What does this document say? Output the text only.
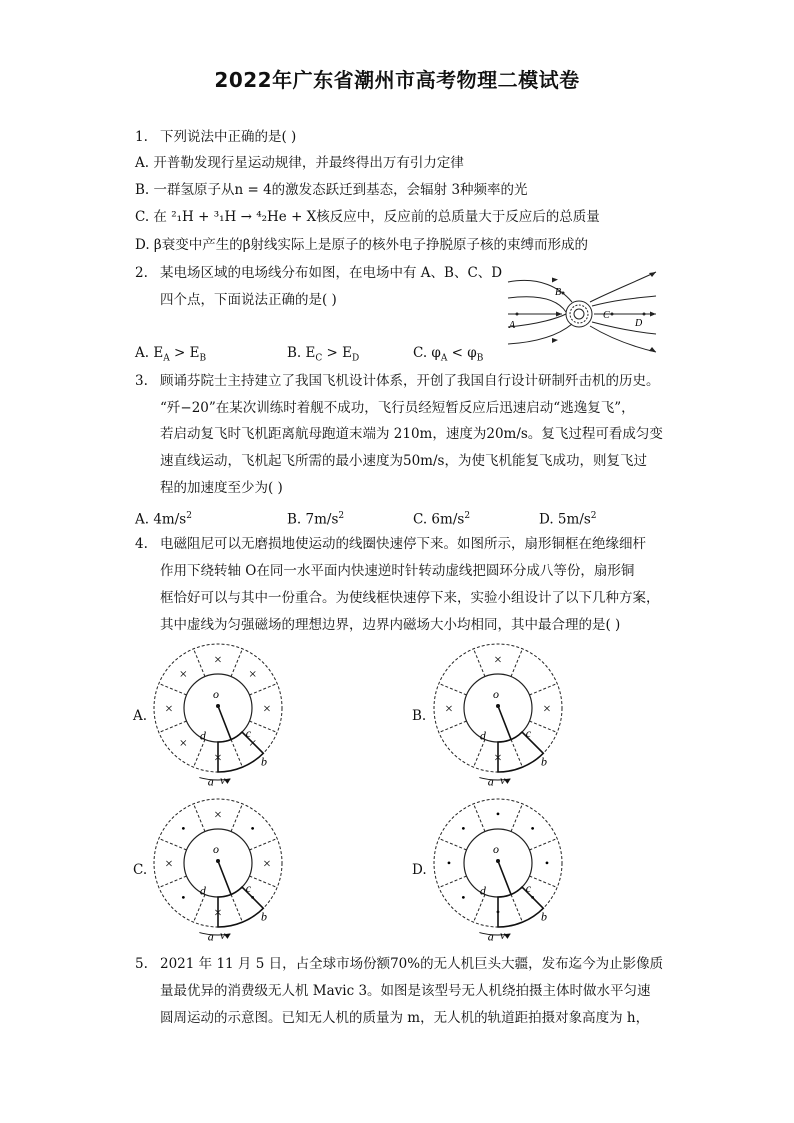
2022年广东省潮州市高考物理二模试卷
1. 下列说法中正确的是( )
A. 开普勒发现行星运动规律，并最终得出万有引力定律
B. 一群氢原子从n = 4的激发态跃迁到基态，会辐射 3种频率的光
C. 在 ²₁H + ³₁H → ⁴₂He + X核反应中，反应前的总质量大于反应后的总质量
D. β衰变中产生的β射线实际上是原子的核外电子挣脱原子核的束缚而形成的
2. 某电场区域的电场线分布如图，在电场中有 A、B、C、D
四个点，下面说法正确的是( )
A
B
C
D
A. $E_A > E_B$	B. $E_C > E_D$	C. $\varphi_A < \varphi_B$
3. 顾诵芬院士主持建立了我国飞机设计体系，开创了我国自行设计研制歼击机的历史。
“歼−20”在某次训练时着舰不成功，飞行员经短暂反应后迅速启动“逃逸复飞”，
若启动复飞时飞机距离航母跑道末端为 210m，速度为20m/s。复飞过程可看成匀变
速直线运动，飞机起飞所需的最小速度为50m/s，为使飞机能复飞成功，则复飞过
程的加速度至少为( )
A. $4m/s^2$	B. $7m/s^2$	C. $6m/s^2$	D. $5m/s^2$
4. 电磁阻尼可以无磨损地使运动的线圈快速停下来。如图所示，扇形铜框在绝缘细杆
作用下绕转轴 O在同一水平面内快速逆时针转动虚线把圆环分成八等份，扇形铜
框恰好可以与其中一份重合。为使线框快速停下来，实验小组设计了以下几种方案，
其中虚线为匀强磁场的理想边界，边界内磁场大小均相同，其中最合理的是( )
A.	B.
C.	D.
×
×
×
×
×
×
×
×
o
a
b
c
d
v
×
×
×
×
o
a
b
c
d
v
×
•
×
•
×
•
×
•
o
a
b
c
d
v
•
•
•
•
•
•
•
•
o
a
b
c
d
v
5. 2021 年 11 月 5 日，占全球市场份额70%的无人机巨头大疆，发布迄今为止影像质
量最优异的消费级无人机 Mavic 3。如图是该型号无人机绕拍摄主体时做水平匀速
圆周运动的示意图。已知无人机的质量为 m，无人机的轨道距拍摄对象高度为 h，
